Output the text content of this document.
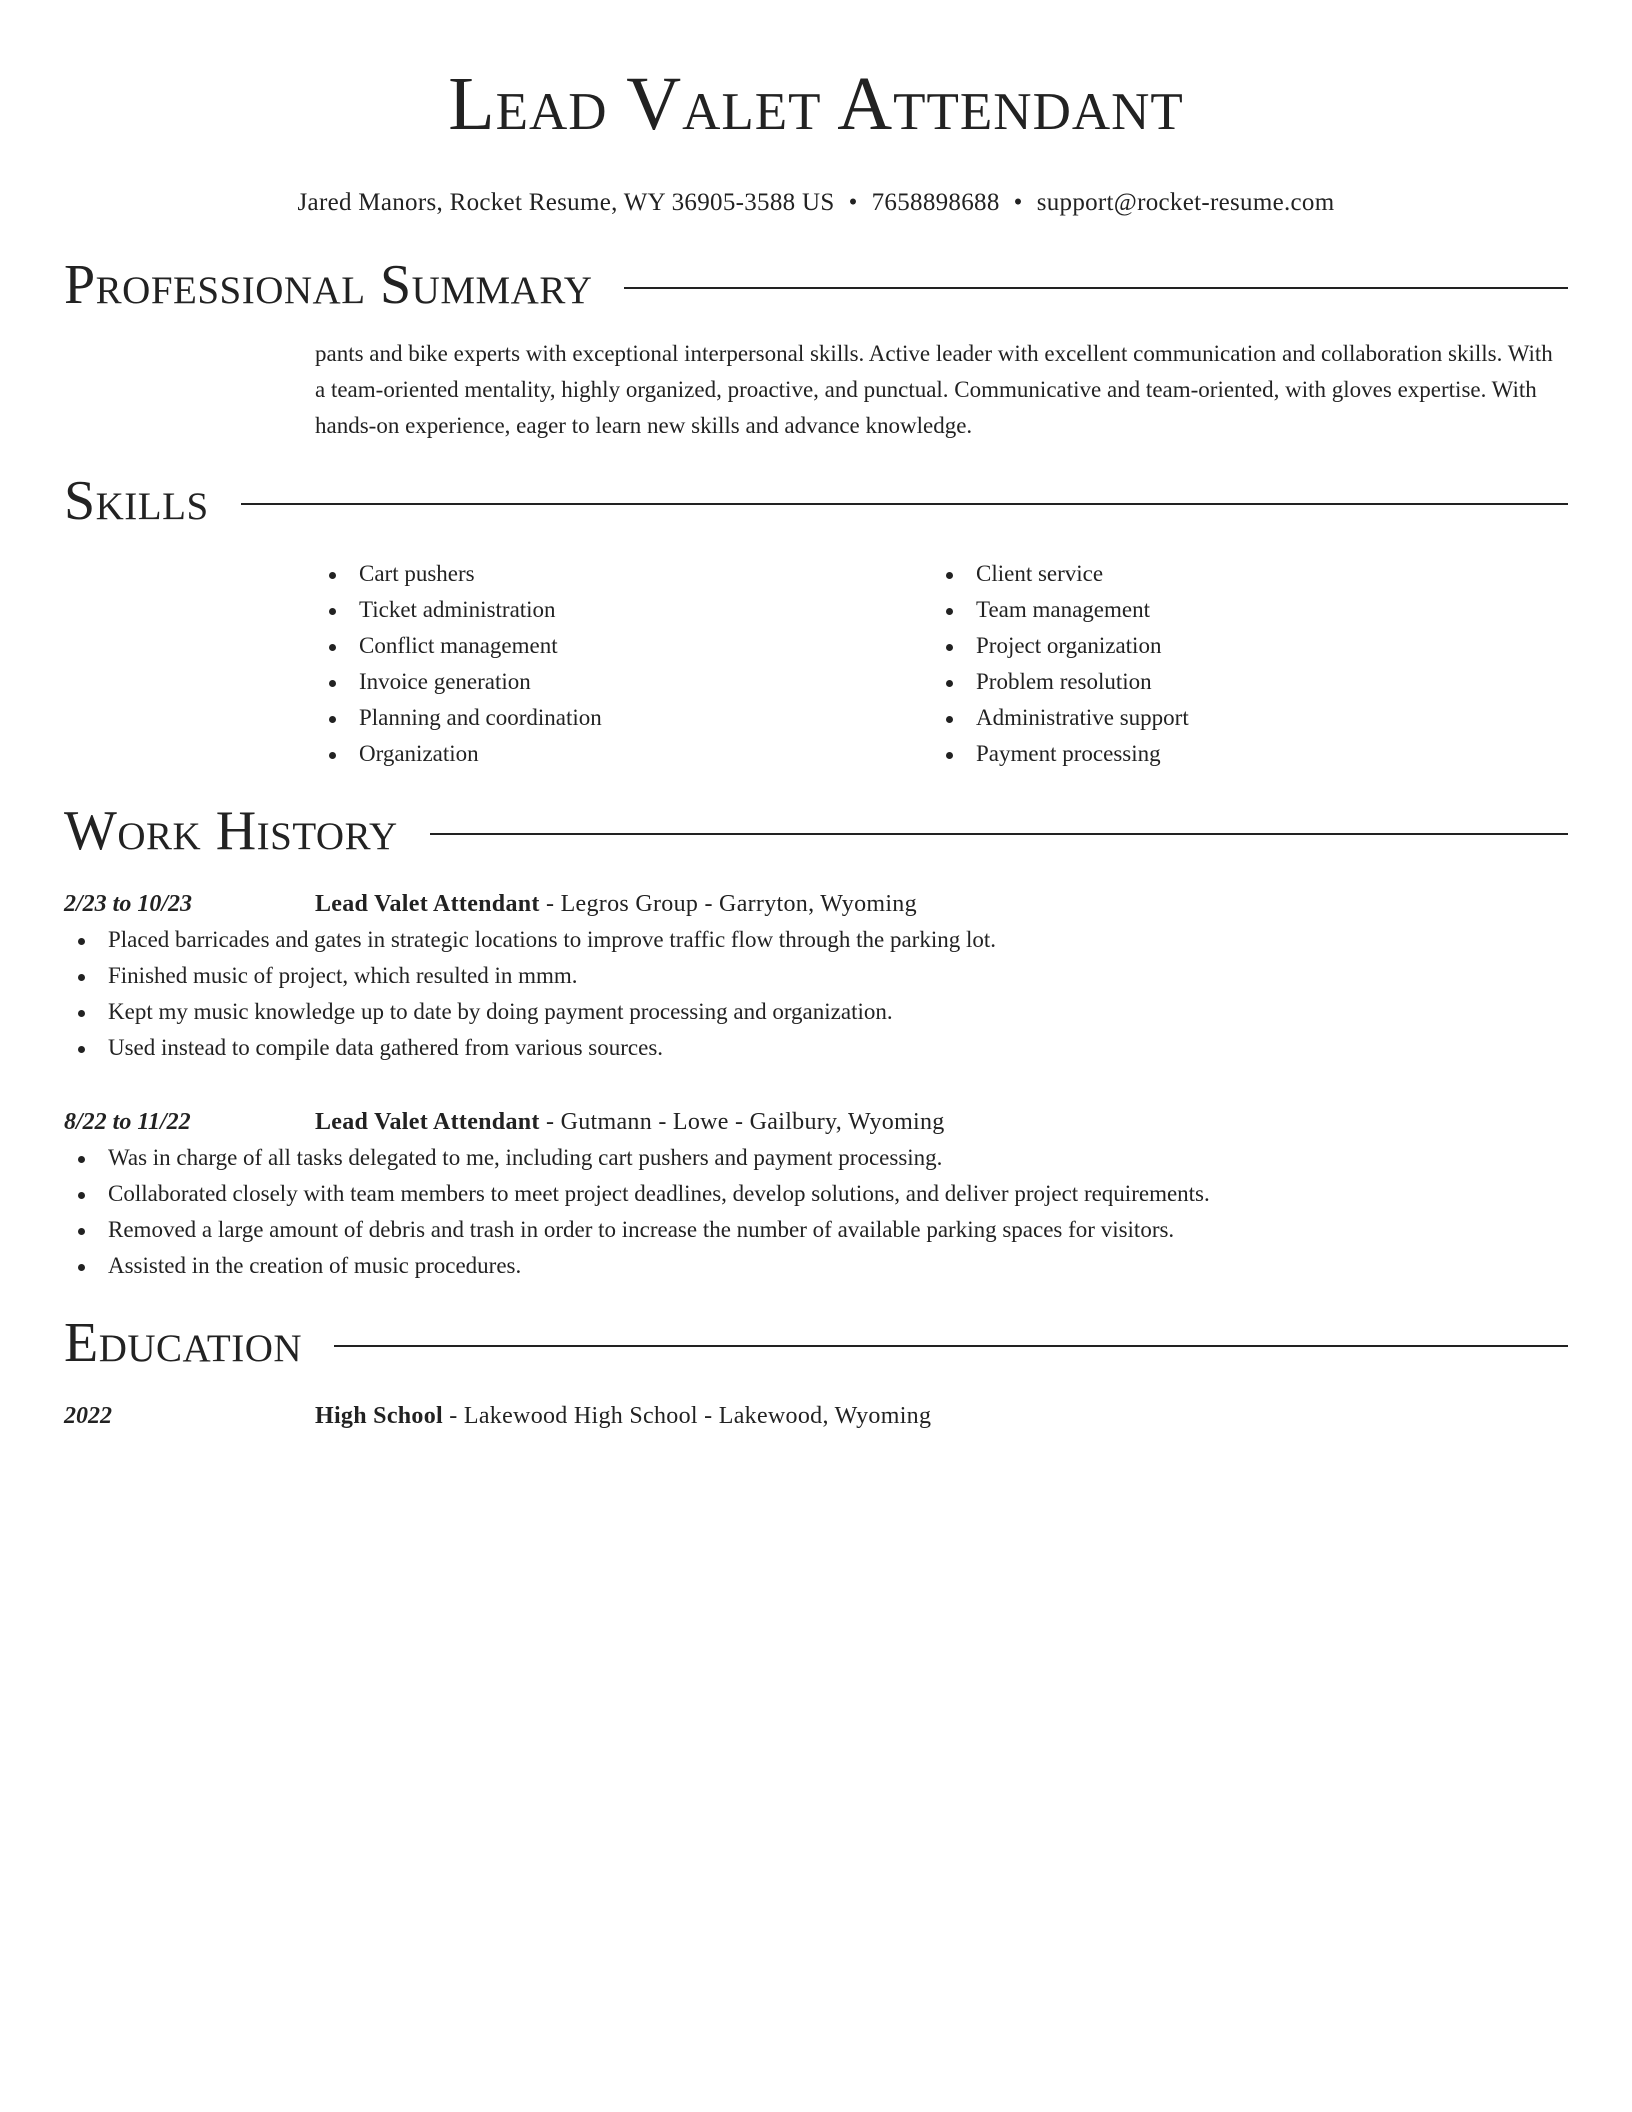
Lead Valet Attendant
Jared Manors, Rocket Resume, WY 36905-3588 US • 7658898688 • support@rocket-resume.com
Professional Summary
pants and bike experts with exceptional interpersonal skills. Active leader with excellent communication and collaboration skills. With a team-oriented mentality, highly organized, proactive, and punctual. Communicative and team-oriented, with gloves expertise. With hands-on experience, eager to learn new skills and advance knowledge.
Skills
Cart pushers
Ticket administration
Conflict management
Invoice generation
Planning and coordination
Organization
Client service
Team management
Project organization
Problem resolution
Administrative support
Payment processing
Work History
2/23 to 10/23	Lead Valet Attendant - Legros Group - Garryton, Wyoming
Placed barricades and gates in strategic locations to improve traffic flow through the parking lot.
Finished music of project, which resulted in mmm.
Kept my music knowledge up to date by doing payment processing and organization.
Used instead to compile data gathered from various sources.
8/22 to 11/22	Lead Valet Attendant - Gutmann - Lowe - Gailbury, Wyoming
Was in charge of all tasks delegated to me, including cart pushers and payment processing.
Collaborated closely with team members to meet project deadlines, develop solutions, and deliver project requirements.
Removed a large amount of debris and trash in order to increase the number of available parking spaces for visitors.
Assisted in the creation of music procedures.
Education
2022	High School - Lakewood High School - Lakewood, Wyoming
